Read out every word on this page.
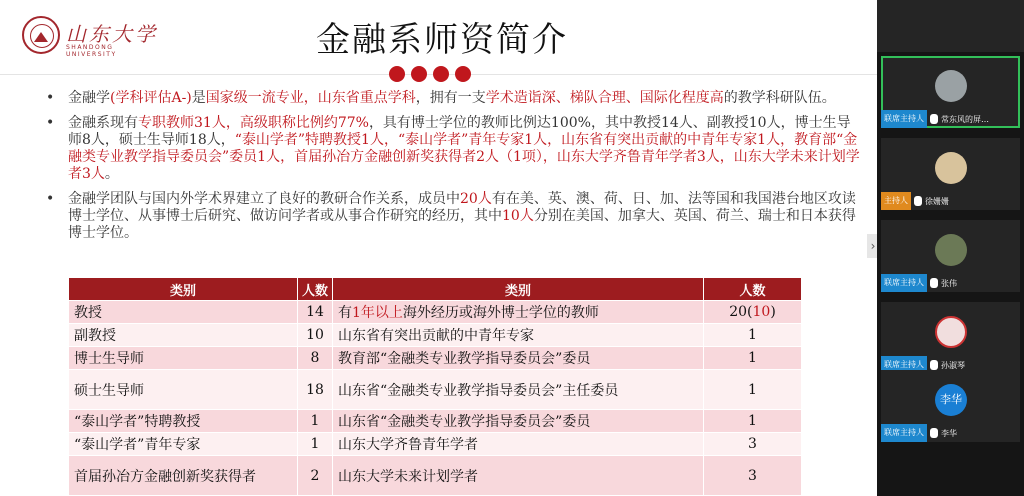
山东大学
SHANDONG UNIVERSITY	金融系师资简介
• 金融学(学科评估A-)是国家级一流专业，山东省重点学科，拥有一支学术造诣深、梯队合理、国际化程度高的教学科研队伍。
• 金融系现有专职教师31人，高级职称比例约77%，具有博士学位的教师比例达100%，其中教授14人、副教授10人，博士生导师8人，硕士生导师18人，“泰山学者”特聘教授1人，“泰山学者”青年专家1人，山东省有突出贡献的中青年专家1人，教育部“金融类专业教学指导委员会”委员1人，首届孙冶方金融创新奖获得者2人（1项），山东大学齐鲁青年学者3人，山东大学未来计划学者3人。
• 金融学团队与国内外学术界建立了良好的教研合作关系，成员中20人有在美、英、澳、荷、日、加、法等国和我国港台地区攻读博士学位、从事博士后研究、做访问学者或从事合作研究的经历，其中10人分别在美国、加拿大、英国、荷兰、瑞士和日本获得博士学位。
类别	人数	类别	人数
教授	14	有1年以上海外经历或海外博士学位的教师	20(10)
副教授	10	山东省有突出贡献的中青年专家	1
博士生导师	8	教育部“金融类专业教学指导委员会”委员	1
硕士生导师	18	山东省“金融类专业教学指导委员会”主任委员	1
“泰山学者”特聘教授	1	山东省“金融类专业教学指导委员会”委员	1
“泰山学者”青年专家	1	山东大学齐鲁青年学者	3
首届孙冶方金融创新奖获得者	2	山东大学未来计划学者	3
›
联席主持人	常东风的屏…
主持人	徐姗姗
联席主持人	张伟
联席主持人	孙淑琴
李华
联席主持人	李华
